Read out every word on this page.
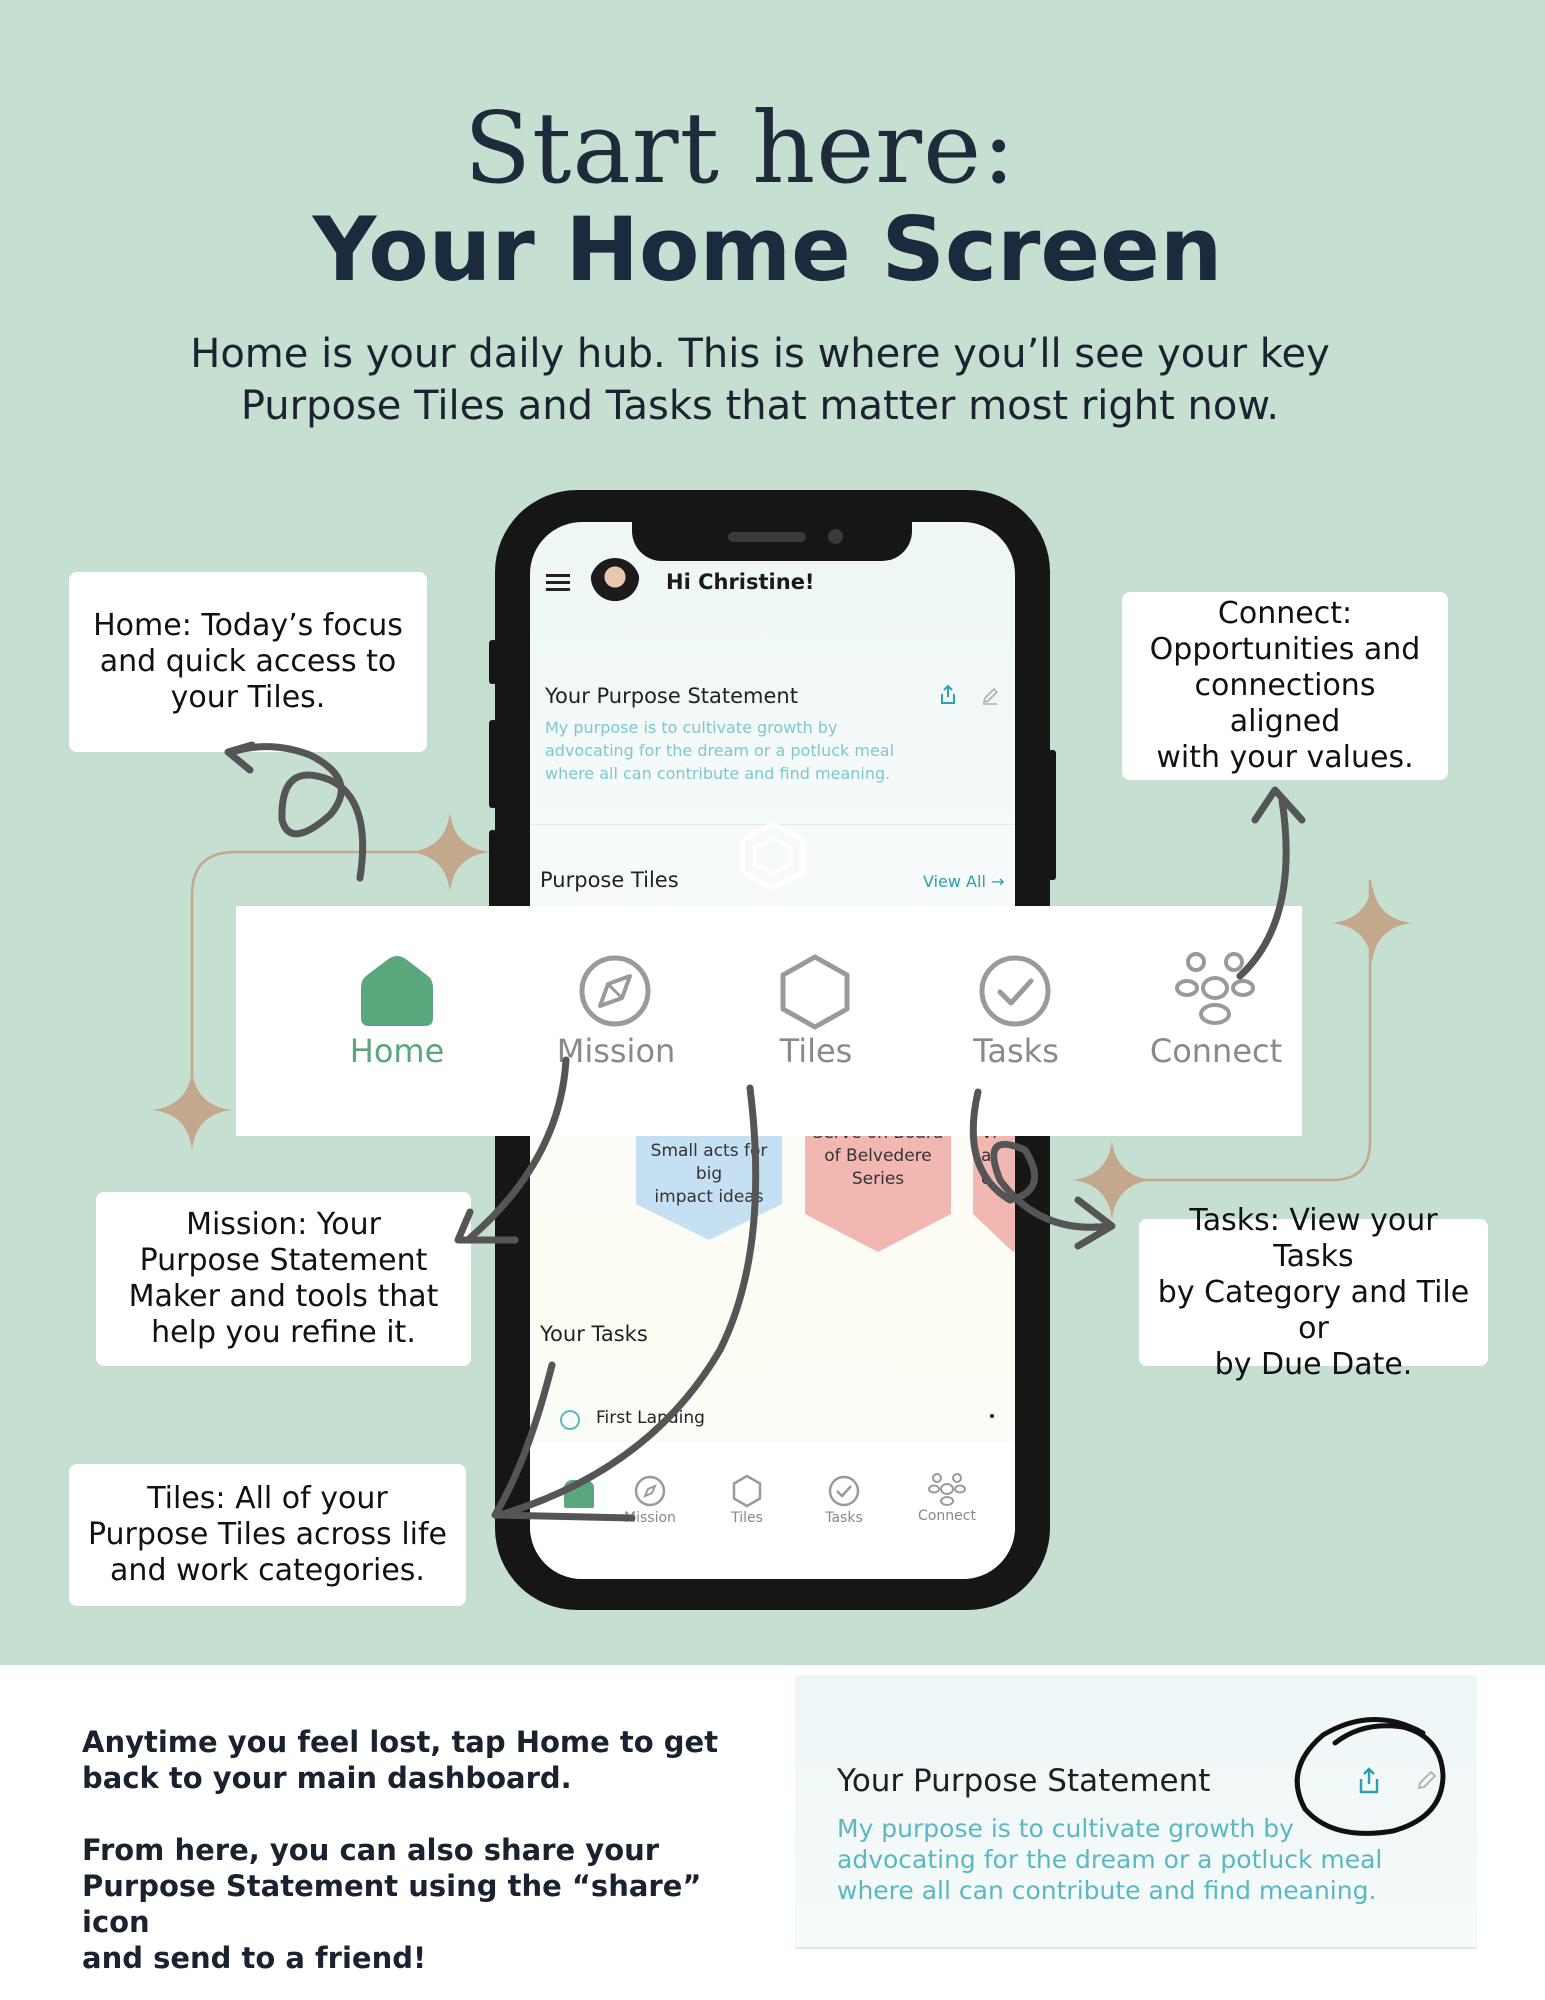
Start here:
Your Home Screen
Home is your daily hub. This is where you’ll see your key
Purpose Tiles and Tasks that matter most right now.
Hi Christine!
Your Purpose Statement
My purpose is to cultivate growth by
advocating for the dream or a potluck meal
where all can contribute and find meaning.
Purpose Tiles	View All →
Small acts for big
impact ideas
of Belvedere
Series
a
o
Your Tasks
First Landing
Mission	Tiles	Tasks	Connect
Home	Mission	Tiles	Tasks	Connect
Home: Today’s focus
and quick access to
your Tiles.
Connect:
Opportunities and
connections aligned
with your values.
Mission: Your
Purpose Statement
Maker and tools that
help you refine it.
Tasks: View your Tasks
by Category and Tile or
by Due Date.
Tiles: All of your
Purpose Tiles across life
and work categories.
Anytime you feel lost, tap Home to get
back to your main dashboard.
From here, you can also share your
Purpose Statement using the “share” icon
and send to a friend!
Your Purpose Statement
My purpose is to cultivate growth by
advocating for the dream or a potluck meal
where all can contribute and find meaning.
